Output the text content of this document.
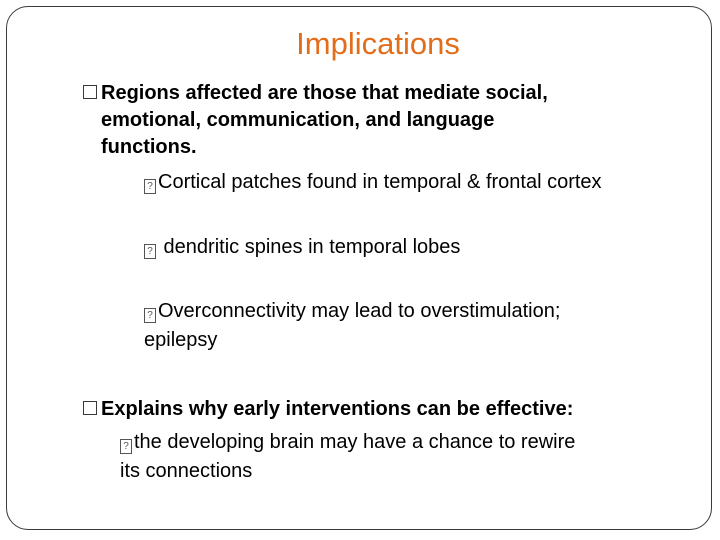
Implications
Regions affected are those that mediate social,
emotional, communication, and language
functions.
? Cortical patches found in temporal & frontal cortex
? dendritic spines in temporal lobes
? Overconnectivity may lead to overstimulation;
epilepsy
Explains why early interventions can be effective:
? the developing brain may have a chance to rewire
its connections
